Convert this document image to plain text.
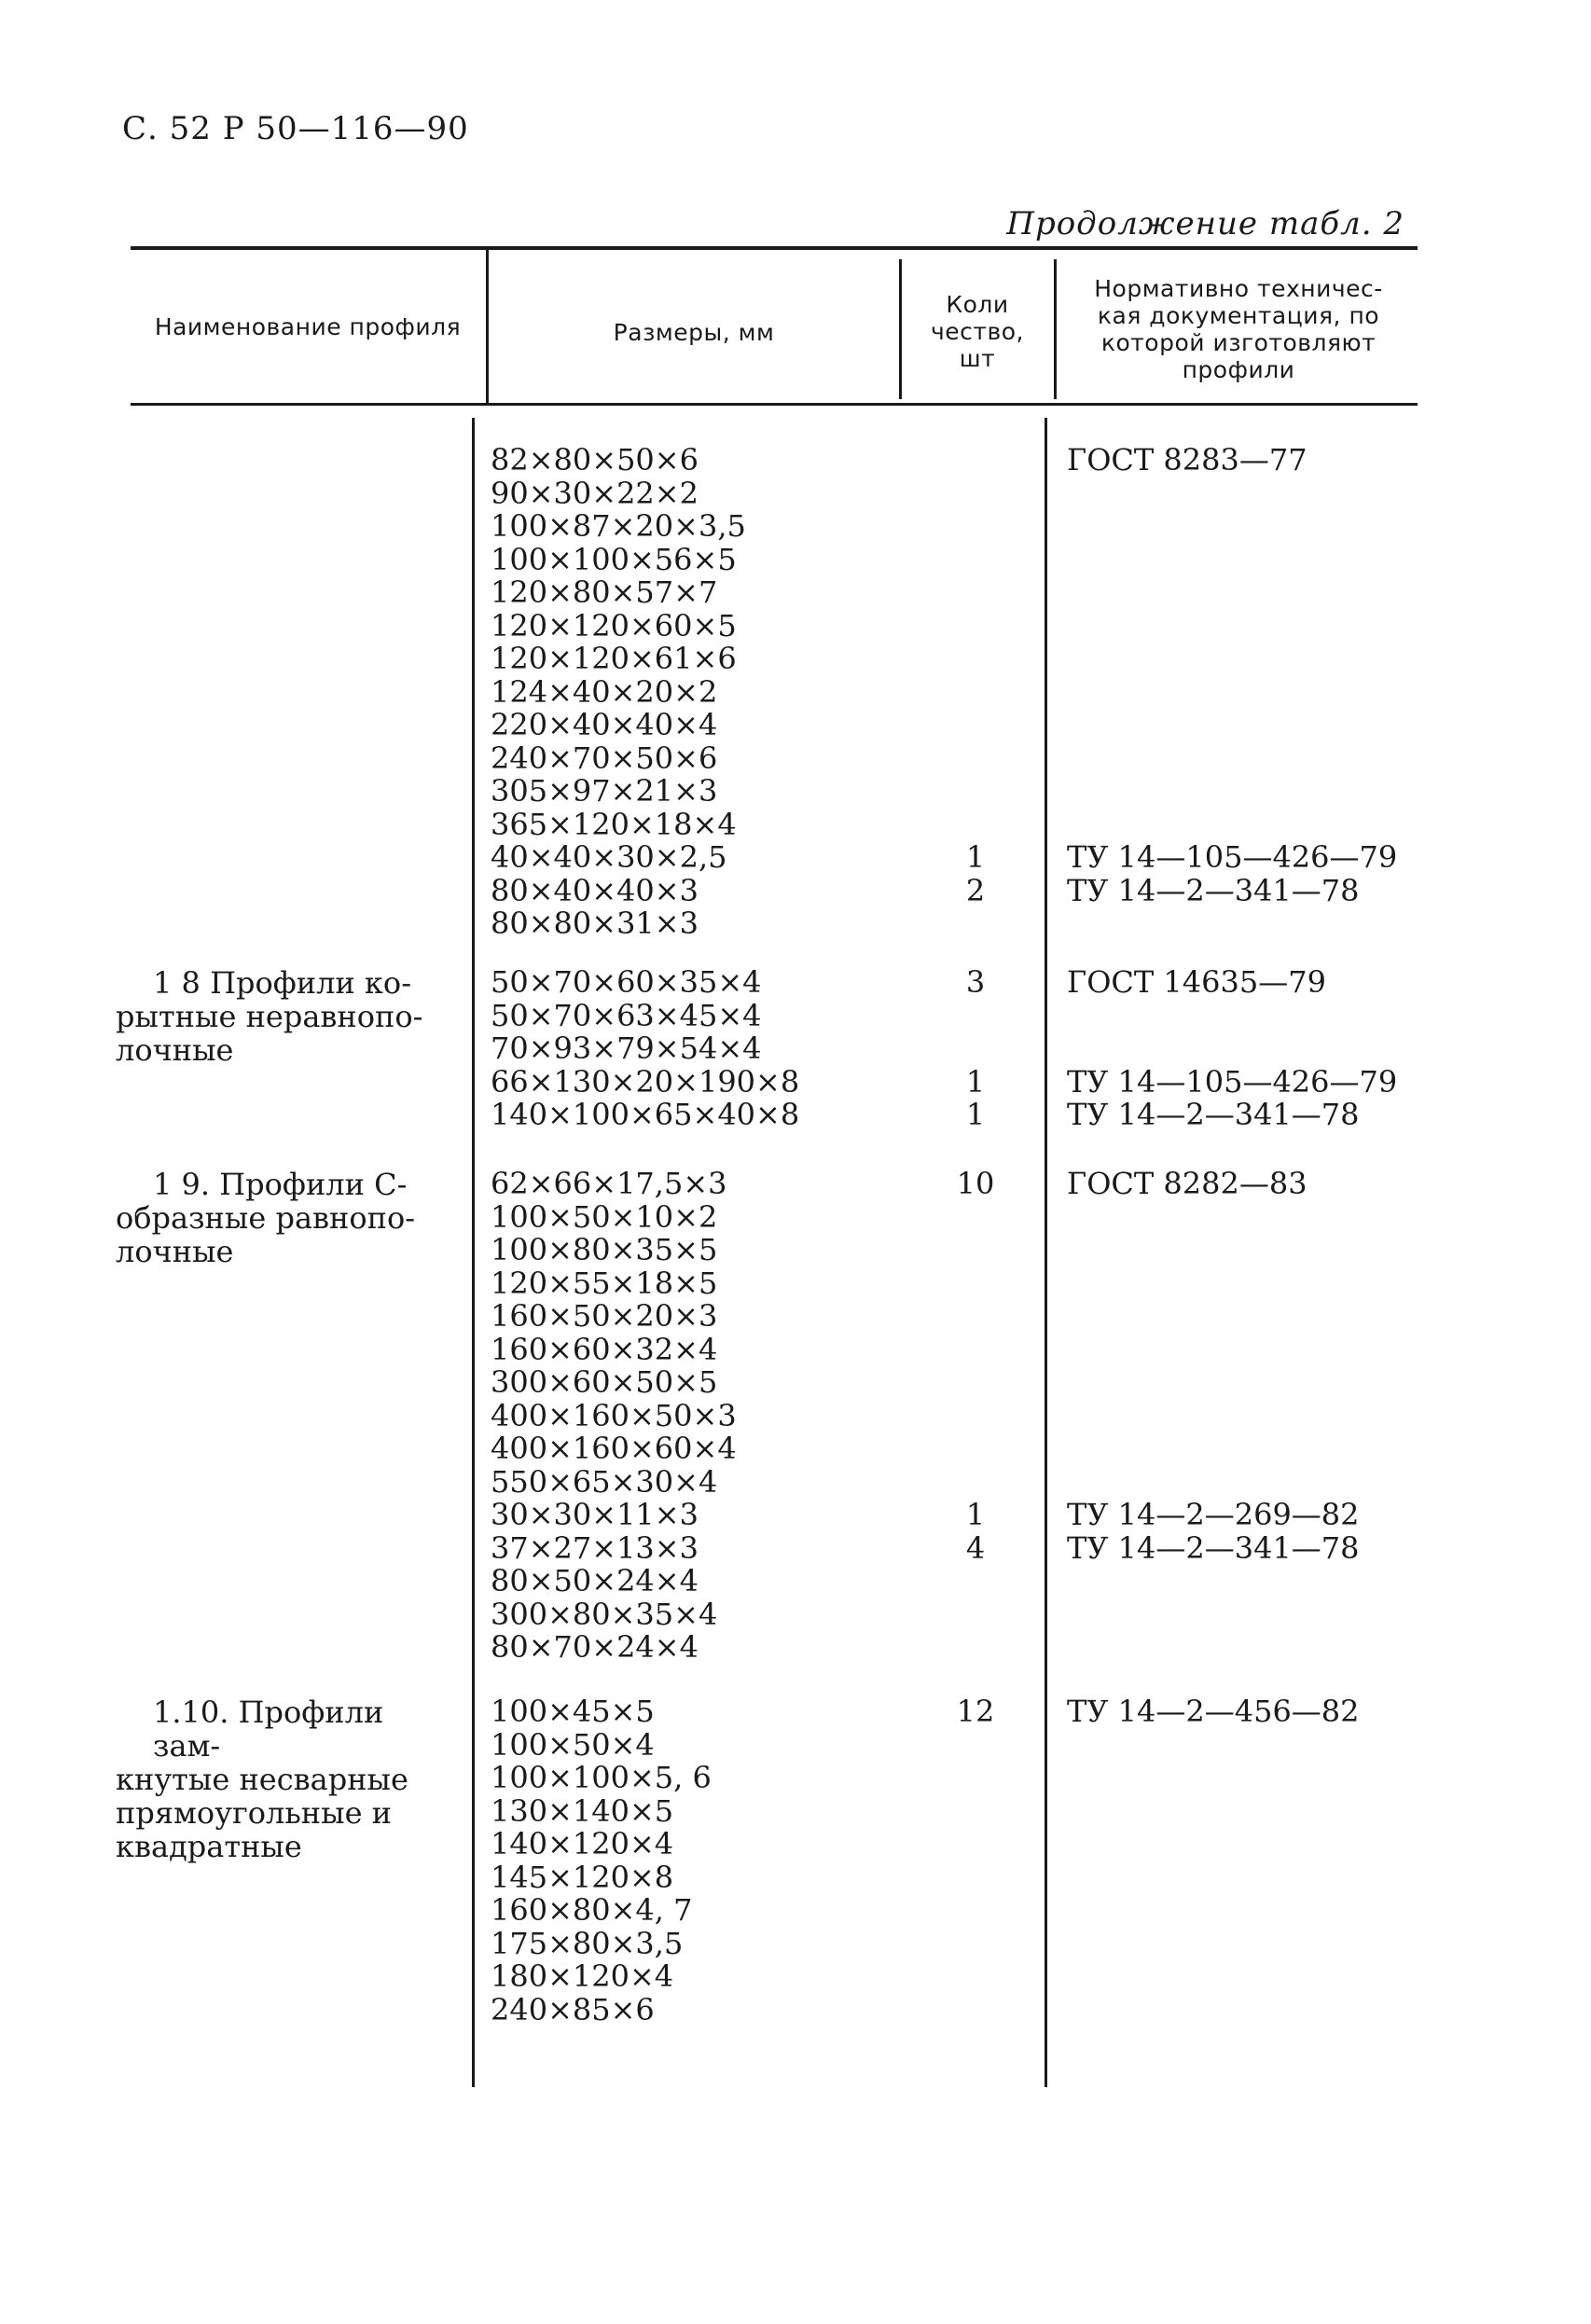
С. 52 Р 50—116—90
Продолжение табл. 2
Наименование профиля	Размеры, мм
Коли
чество,
шт
Нормативно техничес-
кая документация, по
которой изготовляют
профили
82×80×50×6
90×30×22×2
100×87×20×3,5
100×100×56×5
120×80×57×7
120×120×60×5
120×120×61×6
124×40×20×2
220×40×40×4
240×70×50×6
305×97×21×3
365×120×18×4
40×40×30×2,5
80×40×40×3
80×80×31×3
1
2
ГОСТ 8283—77
ТУ 14—105—426—79
ТУ 14—2—341—78
1 8 Профили ко-
рытные неравнопо-
лочные
50×70×60×35×4
50×70×63×45×4
70×93×79×54×4
66×130×20×190×8
140×100×65×40×8
3
1
1
ГОСТ 14635—79
ТУ 14—105—426—79
ТУ 14—2—341—78
1 9. Профили С-
образные равнопо-
лочные
62×66×17,5×3
100×50×10×2
100×80×35×5
120×55×18×5
160×50×20×3
160×60×32×4
300×60×50×5
400×160×50×3
400×160×60×4
550×65×30×4
30×30×11×3
37×27×13×3
80×50×24×4
300×80×35×4
80×70×24×4
10
1
4
ГОСТ 8282—83
ТУ 14—2—269—82
ТУ 14—2—341—78
1.10. Профили зам-
кнутые несварные
прямоугольные и
квадратные
100×45×5
100×50×4
100×100×5, 6
130×140×5
140×120×4
145×120×8
160×80×4, 7
175×80×3,5
180×120×4
240×85×6
12	ТУ 14—2—456—82
